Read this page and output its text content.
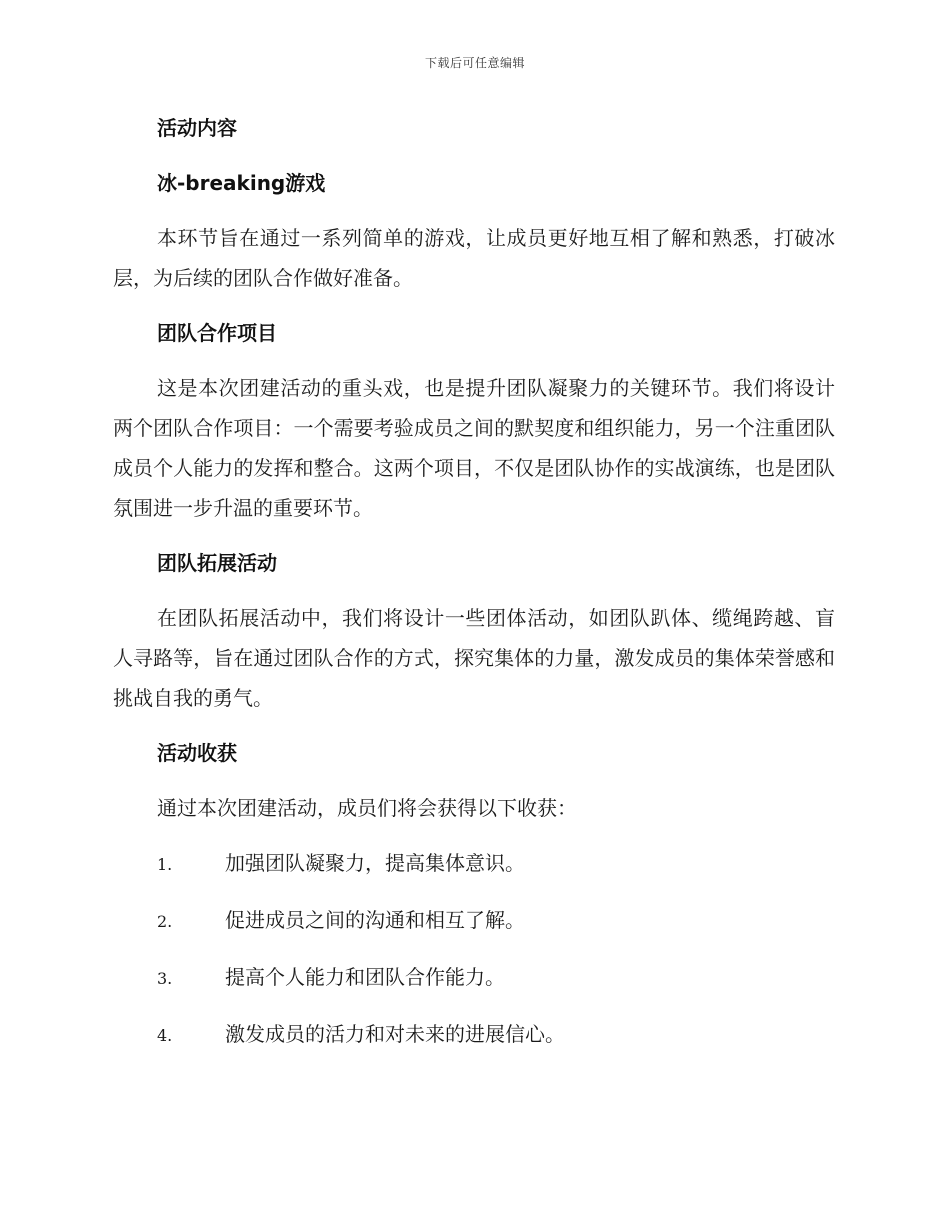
下载后可任意编辑

活动内容

冰-breaking游戏

本环节旨在通过一系列简单的游戏，让成员更好地互相了解和熟悉，打破冰层，为后续的团队合作做好准备。

团队合作项目

这是本次团建活动的重头戏，也是提升团队凝聚力的关键环节。我们将设计两个团队合作项目：一个需要考验成员之间的默契度和组织能力，另一个注重团队成员个人能力的发挥和整合。这两个项目，不仅是团队协作的实战演练，也是团队氛围进一步升温的重要环节。

团队拓展活动

在团队拓展活动中，我们将设计一些团体活动，如团队趴体、缆绳跨越、盲人寻路等，旨在通过团队合作的方式，探究集体的力量，激发成员的集体荣誉感和挑战自我的勇气。

活动收获

通过本次团建活动，成员们将会获得以下收获：

1.	加强团队凝聚力，提高集体意识。
2.	促进成员之间的沟通和相互了解。
3.	提高个人能力和团队合作能力。
4.	激发成员的活力和对未来的进展信心。
